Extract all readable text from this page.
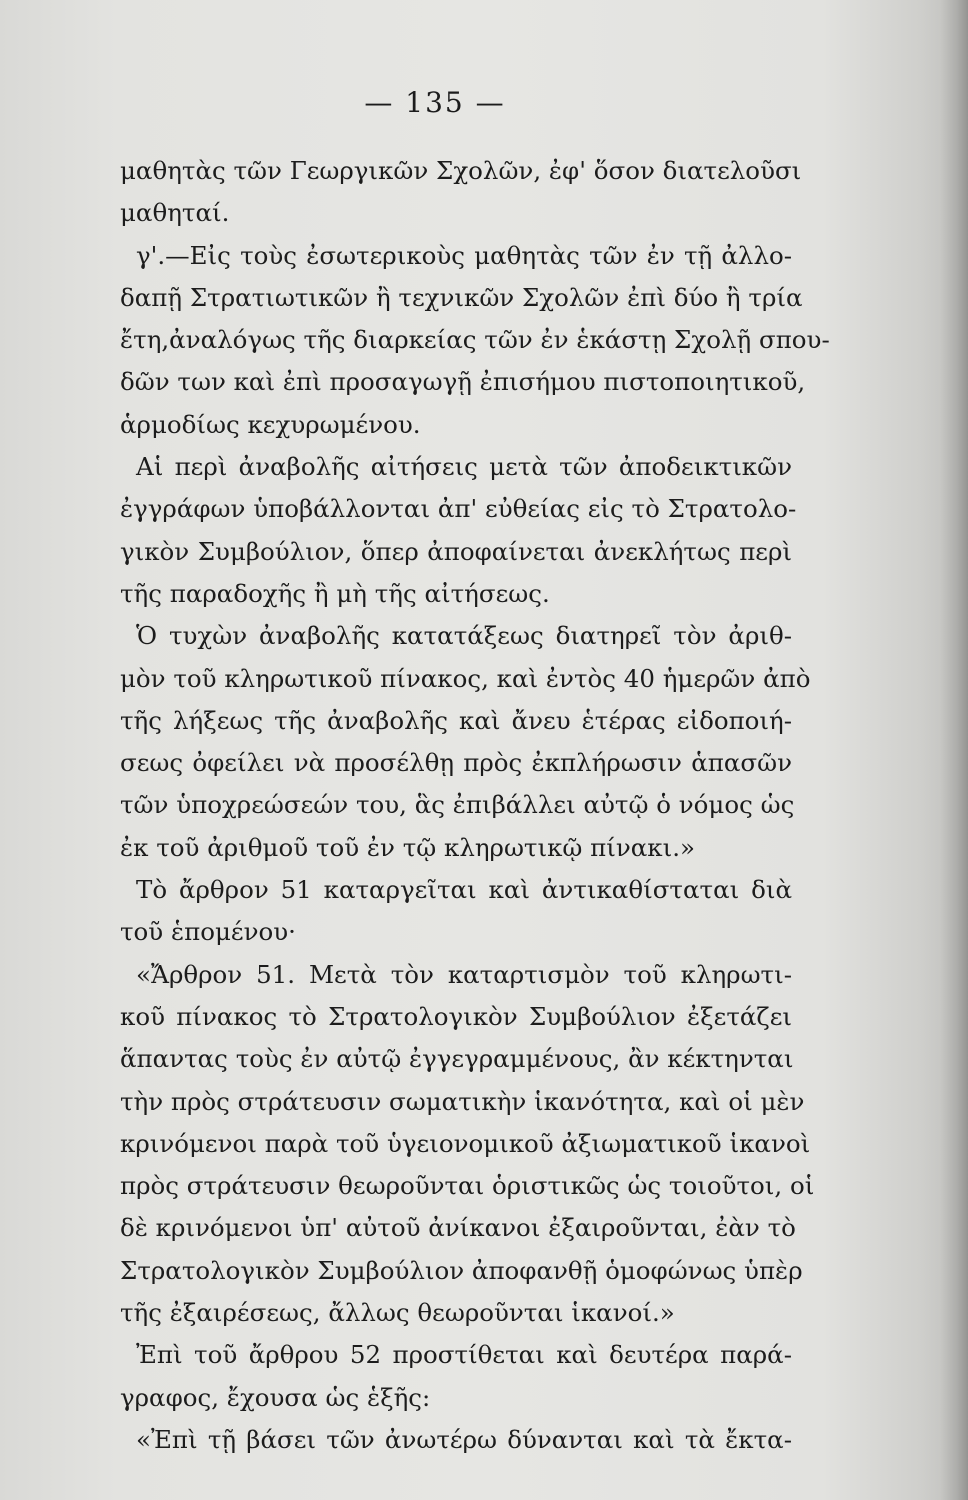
— 135 —
μαθητὰς τῶν Γεωργικῶν Σχολῶν, ἐφ' ὅσον διατελοῦσι
μαθηταί.
γ'.—Εἰς τοὺς ἐσωτερικοὺς μαθητὰς τῶν ἐν τῇ ἀλλο-
δαπῇ Στρατιωτικῶν ἢ τεχνικῶν Σχολῶν ἐπὶ δύο ἢ τρία
ἔτη,ἀναλόγως τῆς διαρκείας τῶν ἐν ἑκάστῃ Σχολῇ σπου-
δῶν των καὶ ἐπὶ προσαγωγῇ ἐπισήμου πιστοποιητικοῦ,
ἁρμοδίως κεχυρωμένου.
Αἱ περὶ ἀναβολῆς αἰτήσεις μετὰ τῶν ἀποδεικτικῶν
ἐγγράφων ὑποβάλλονται ἀπ' εὐθείας εἰς τὸ Στρατολο-
γικὸν Συμβούλιον, ὅπερ ἀποφαίνεται ἀνεκλήτως περὶ
τῆς παραδοχῆς ἢ μὴ τῆς αἰτήσεως.
Ὁ τυχὼν ἀναβολῆς κατατάξεως διατηρεῖ τὸν ἀριθ-
μὸν τοῦ κληρωτικοῦ πίνακος, καὶ ἐντὸς 40 ἡμερῶν ἀπὸ
τῆς λήξεως τῆς ἀναβολῆς καὶ ἄνευ ἑτέρας εἰδοποιή-
σεως ὀφείλει νὰ προσέλθῃ πρὸς ἐκπλήρωσιν ἁπασῶν
τῶν ὑποχρεώσεών του, ἃς ἐπιβάλλει αὐτῷ ὁ νόμος ὡς
ἐκ τοῦ ἀριθμοῦ τοῦ ἐν τῷ κληρωτικῷ πίνακι.»
Τὸ ἄρθρον 51 καταργεῖται καὶ ἀντικαθίσταται διὰ
τοῦ ἑπομένου·
«Ἄρθρον 51. Μετὰ τὸν καταρτισμὸν τοῦ κληρωτι-
κοῦ πίνακος τὸ Στρατολογικὸν Συμβούλιον ἐξετάζει
ἅπαντας τοὺς ἐν αὐτῷ ἐγγεγραμμένους, ἂν κέκτηνται
τὴν πρὸς στράτευσιν σωματικὴν ἱκανότητα, καὶ οἱ μὲν
κρινόμενοι παρὰ τοῦ ὑγειονομικοῦ ἀξιωματικοῦ ἱκανοὶ
πρὸς στράτευσιν θεωροῦνται ὁριστικῶς ὡς τοιοῦτοι, οἱ
δὲ κρινόμενοι ὑπ' αὐτοῦ ἀνίκανοι ἐξαιροῦνται, ἐὰν τὸ
Στρατολογικὸν Συμβούλιον ἀποφανθῇ ὁμοφώνως ὑπὲρ
τῆς ἐξαιρέσεως, ἄλλως θεωροῦνται ἱκανοί.»
Ἐπὶ τοῦ ἄρθρου 52 προστίθεται καὶ δευτέρα παρά-
γραφος, ἔχουσα ὡς ἑξῆς:
«Ἐπὶ τῇ βάσει τῶν ἀνωτέρω δύνανται καὶ τὰ ἔκτα-
